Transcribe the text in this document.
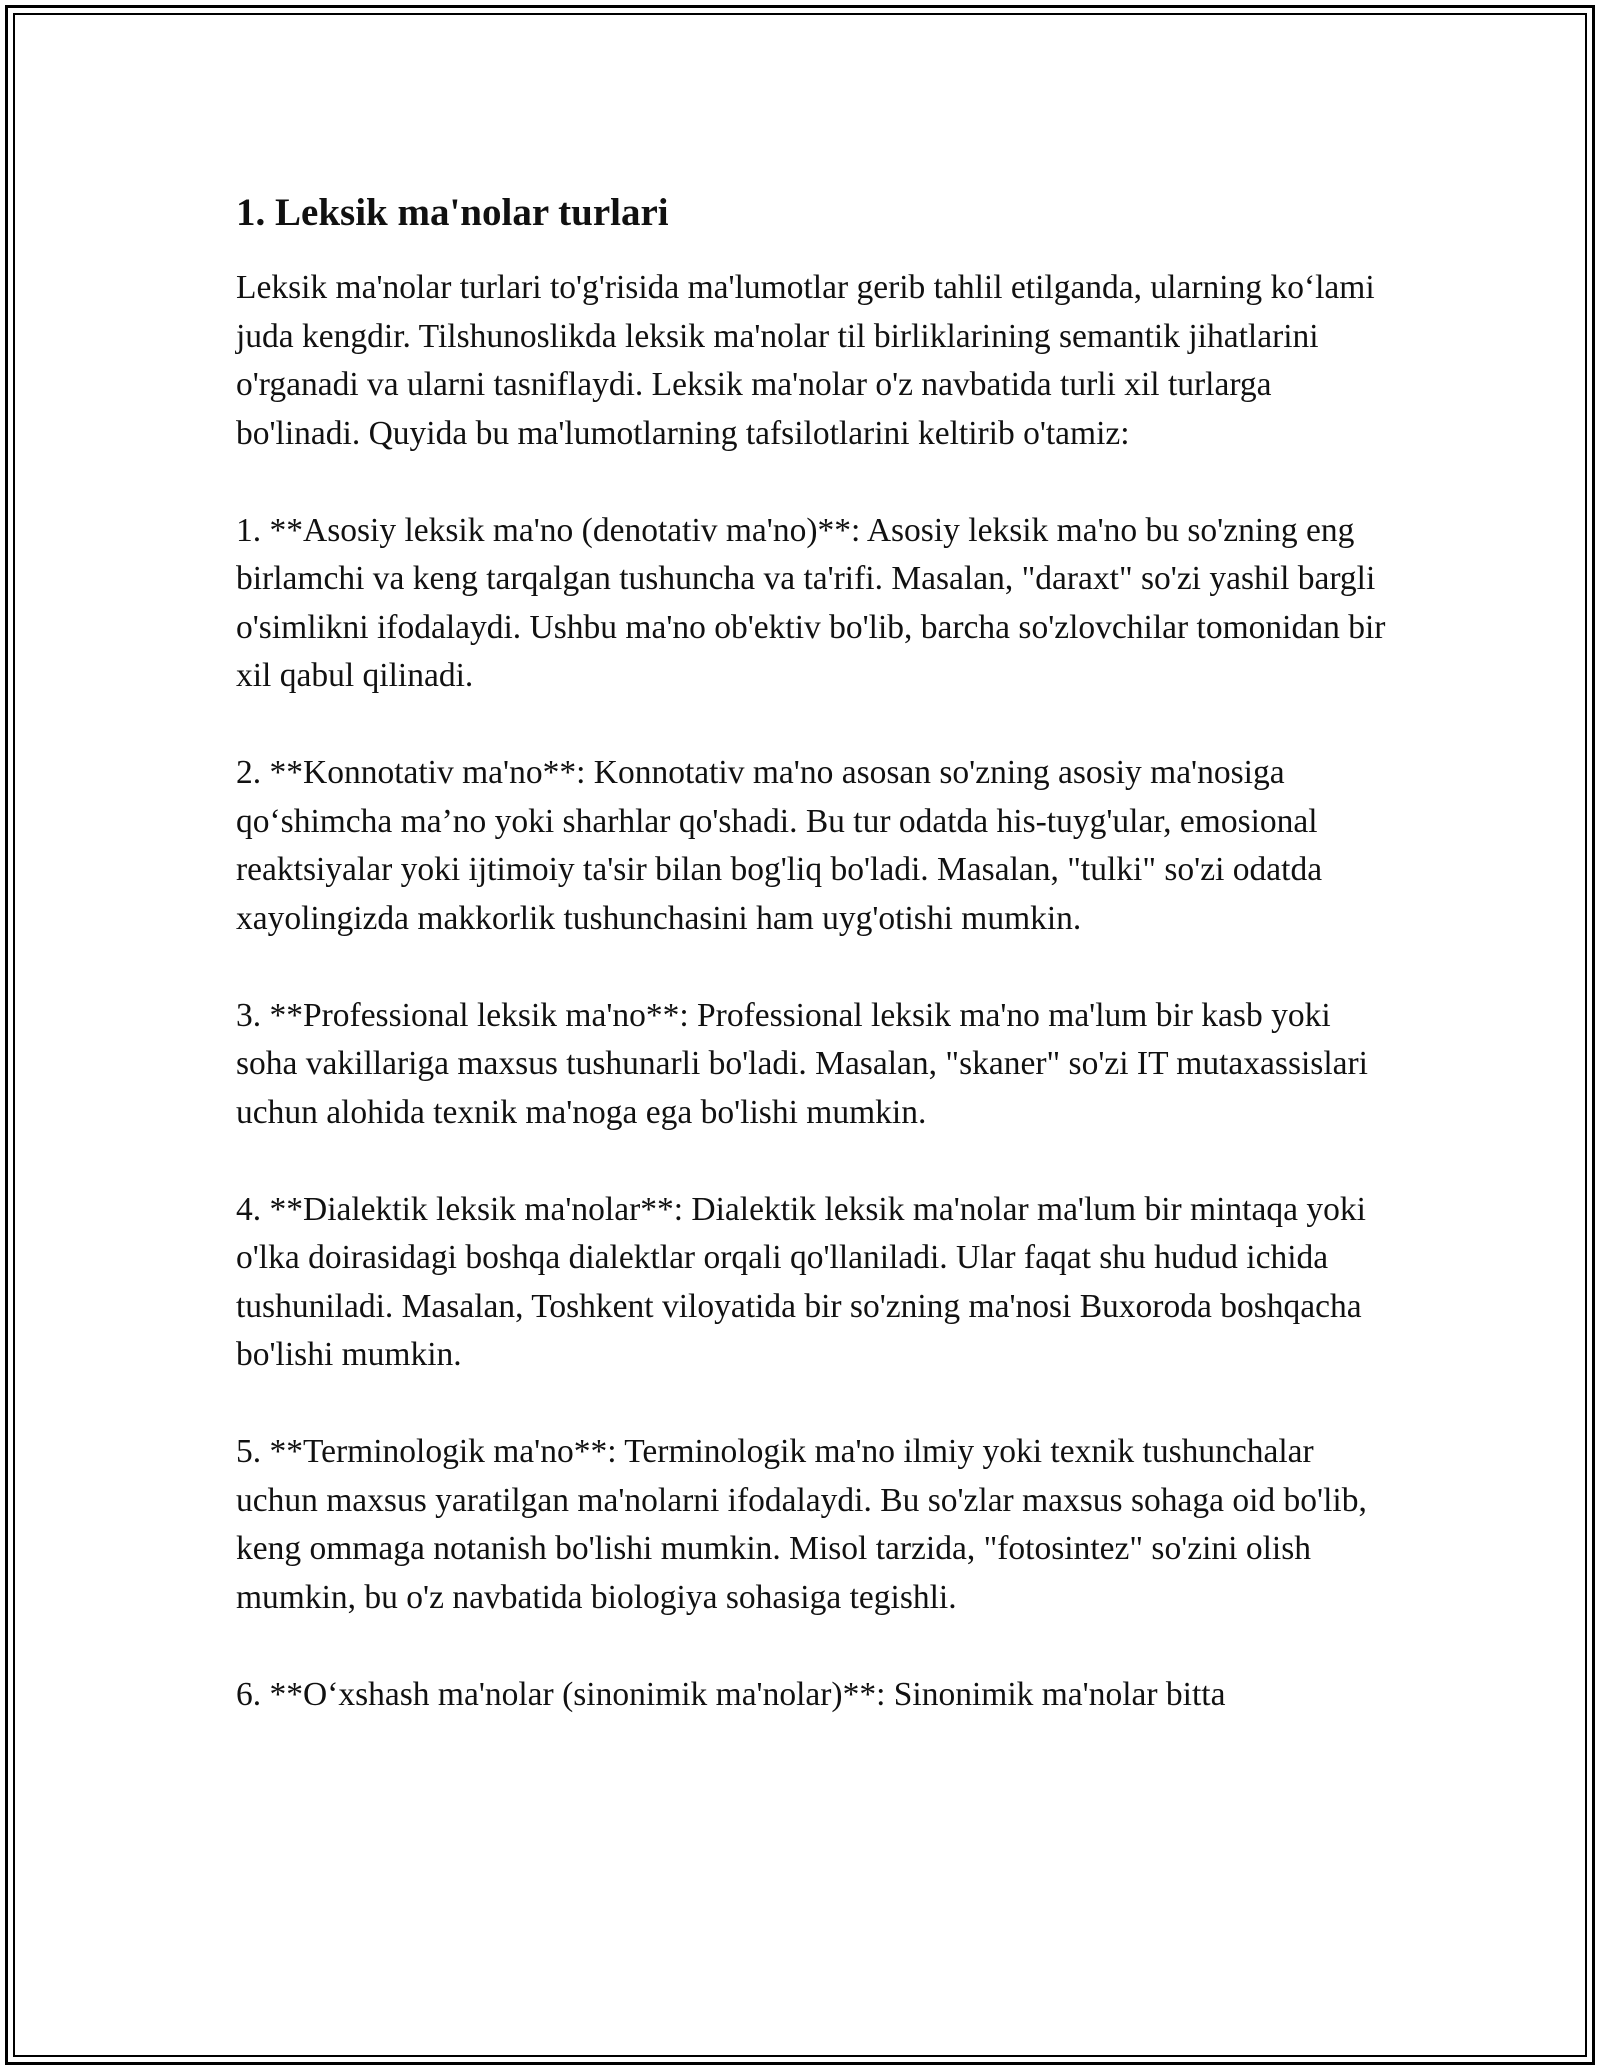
1. Leksik ma'nolar turlari

Leksik ma'nolar turlari to'g'risida ma'lumotlar gerib tahlil etilganda, ularning ko‘lami juda kengdir. Tilshunoslikda leksik ma'nolar til birliklarining semantik jihatlarini o'rganadi va ularni tasniflaydi. Leksik ma'nolar o'z navbatida turli xil turlarga bo'linadi. Quyida bu ma'lumotlarning tafsilotlarini keltirib o'tamiz:

1. **Asosiy leksik ma'no (denotativ ma'no)**: Asosiy leksik ma'no bu so'zning eng birlamchi va keng tarqalgan tushuncha va ta'rifi. Masalan, "daraxt" so'zi yashil bargli o'simlikni ifodalaydi. Ushbu ma'no ob'ektiv bo'lib, barcha so'zlovchilar tomonidan bir xil qabul qilinadi.

2. **Konnotativ ma'no**: Konnotativ ma'no asosan so'zning asosiy ma'nosiga qo‘shimcha ma’no yoki sharhlar qo'shadi. Bu tur odatda his-tuyg'ular, emosional reaktsiyalar yoki ijtimoiy ta'sir bilan bog'liq bo'ladi. Masalan, "tulki" so'zi odatda xayolingizda makkorlik tushunchasini ham uyg'otishi mumkin.

3. **Professional leksik ma'no**: Professional leksik ma'no ma'lum bir kasb yoki soha vakillariga maxsus tushunarli bo'ladi. Masalan, "skaner" so'zi IT mutaxassislari uchun alohida texnik ma'noga ega bo'lishi mumkin.

4. **Dialektik leksik ma'nolar**: Dialektik leksik ma'nolar ma'lum bir mintaqa yoki o'lka doirasidagi boshqa dialektlar orqali qo'llaniladi. Ular faqat shu hudud ichida tushuniladi. Masalan, Toshkent viloyatida bir so'zning ma'nosi Buxoroda boshqacha bo'lishi mumkin.

5. **Terminologik ma'no**: Terminologik ma'no ilmiy yoki texnik tushunchalar uchun maxsus yaratilgan ma'nolarni ifodalaydi. Bu so'zlar maxsus sohaga oid bo'lib, keng ommaga notanish bo'lishi mumkin. Misol tarzida, "fotosintez" so'zini olish mumkin, bu o'z navbatida biologiya sohasiga tegishli.

6. **O‘xshash ma'nolar (sinonimik ma'nolar)**: Sinonimik ma'nolar bitta
